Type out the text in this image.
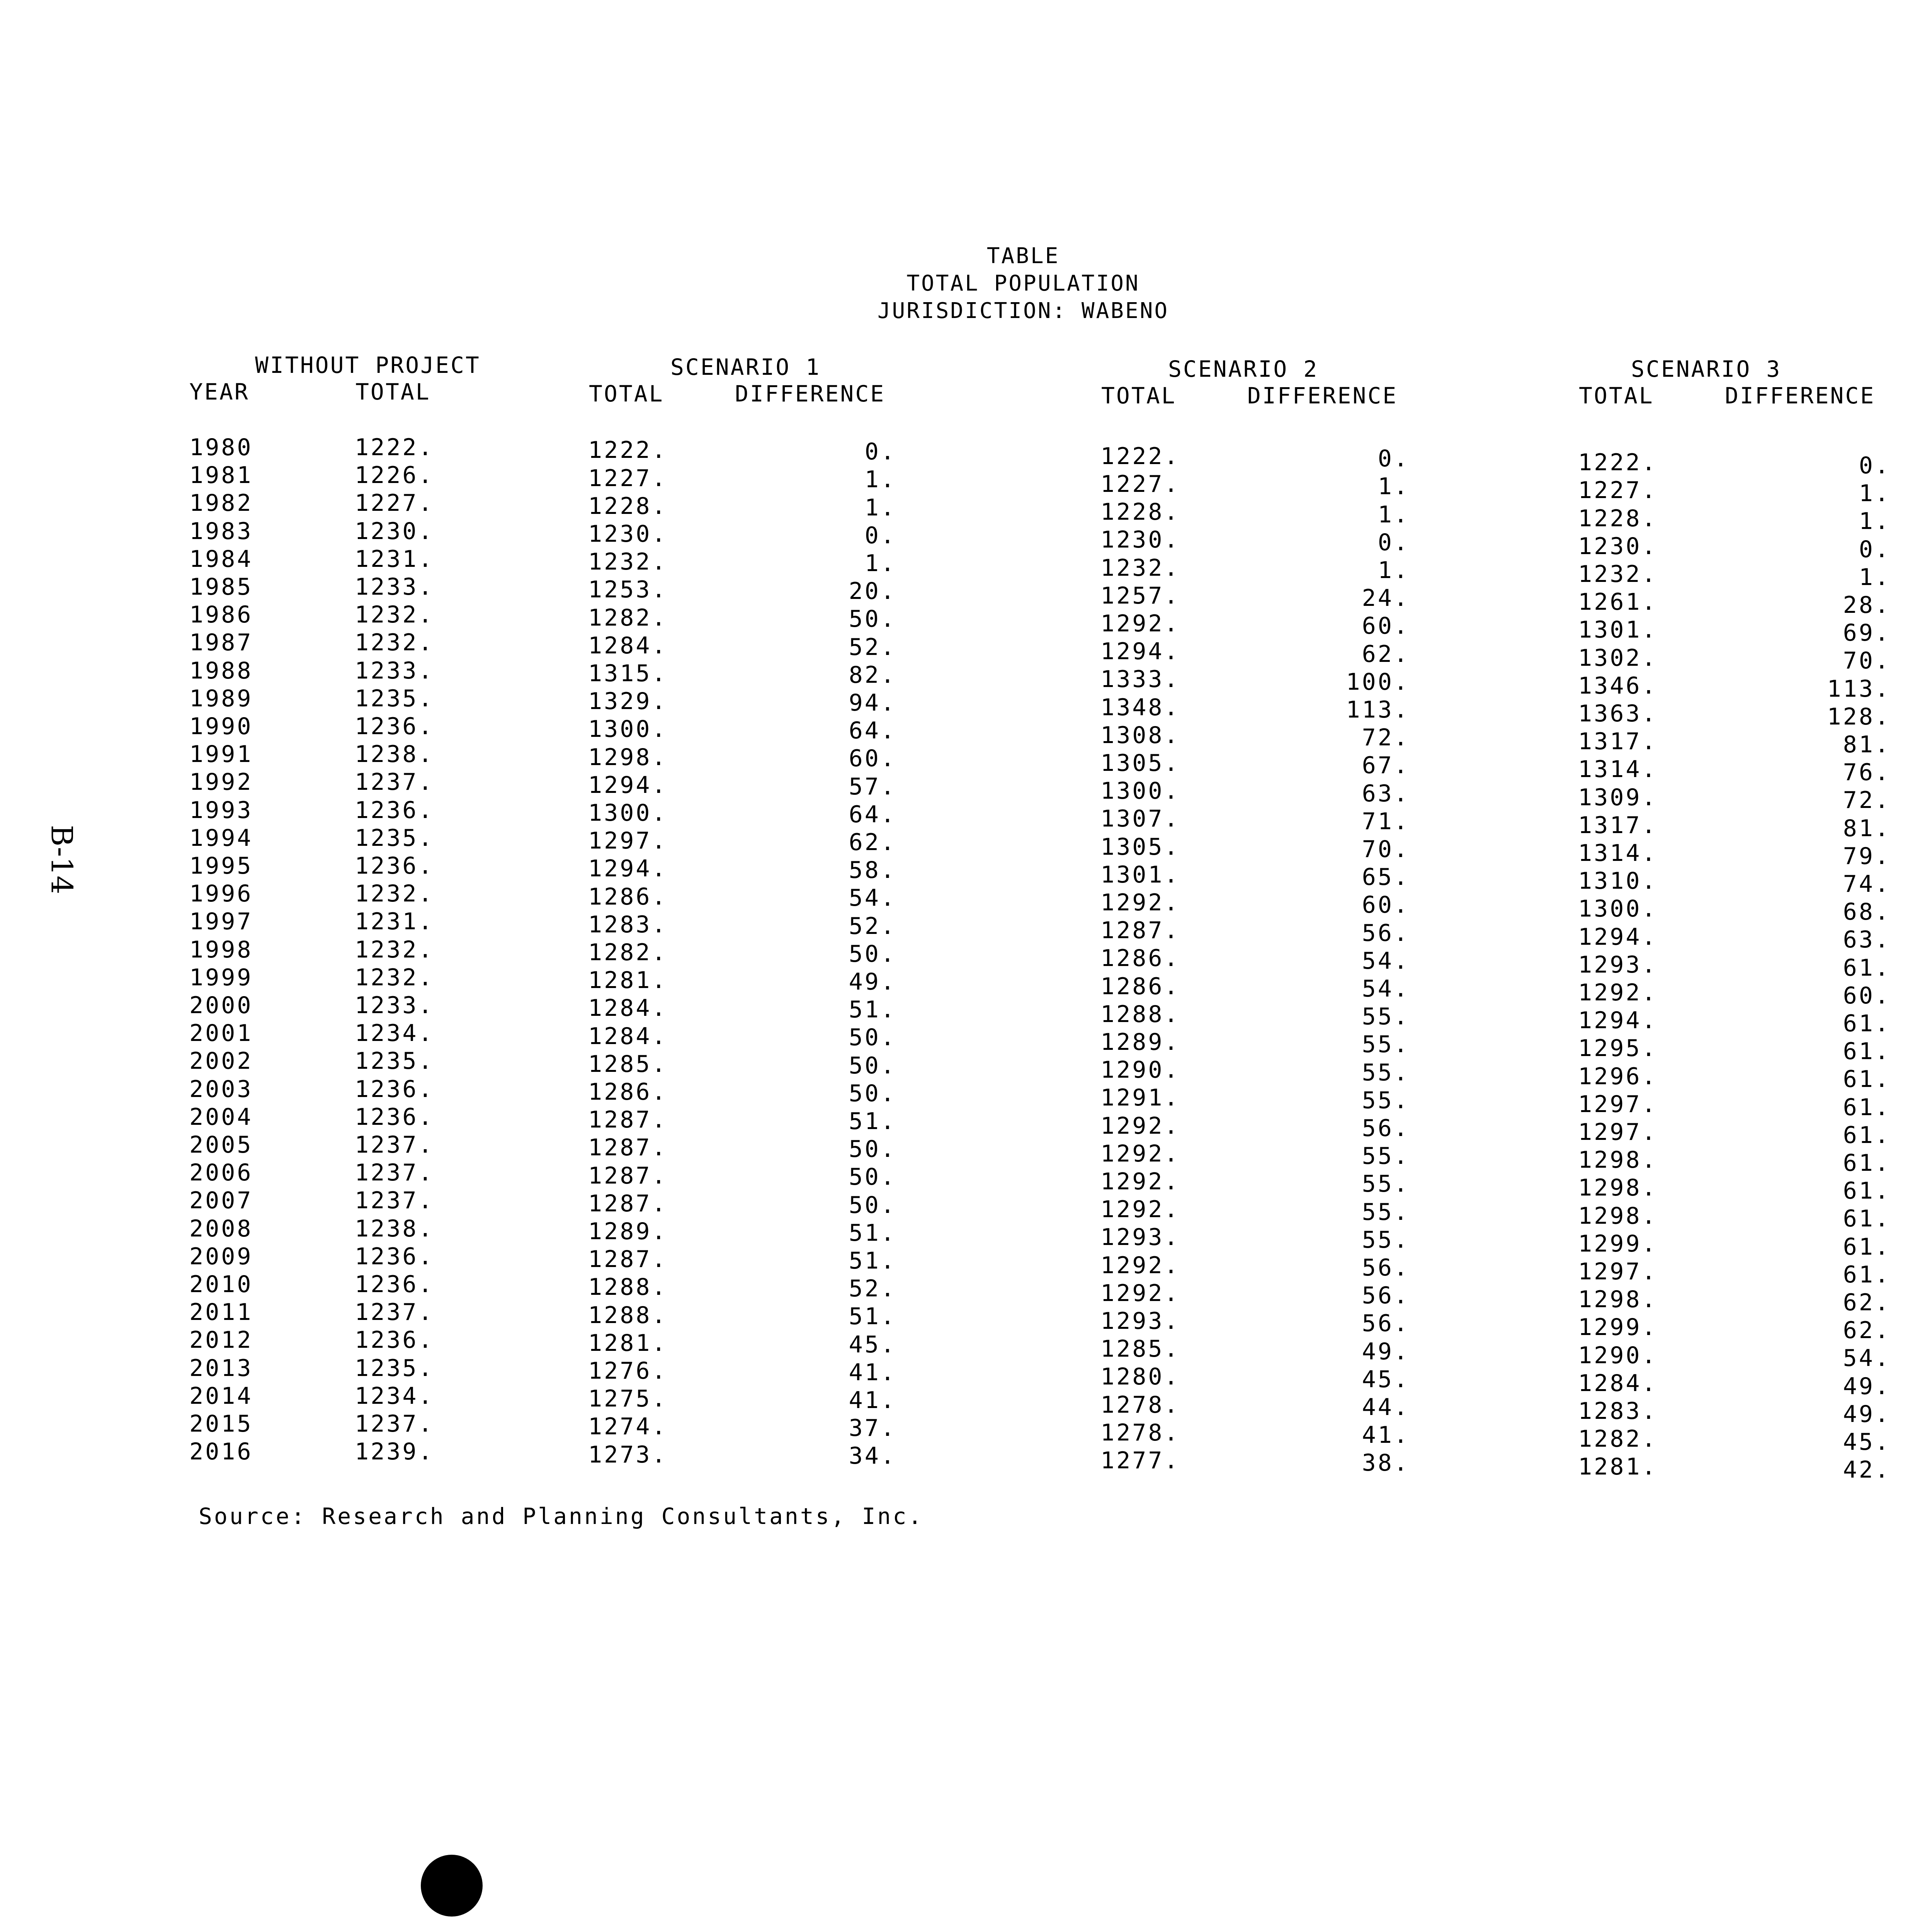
B-14
TABLE
TOTAL POPULATION
JURISDICTION: WABENO
WITHOUT PROJECT	SCENARIO 1	SCENARIO 2	SCENARIO 3
YEAR	TOTAL	TOTAL	DIFFERENCE	TOTAL	DIFFERENCE	TOTAL	DIFFERENCE
1980	1222.	1222.	0.	1222.	0.	1222.	0.
1981	1226.	1227.	1.	1227.	1.	1227.	1.
1982	1227.	1228.	1.	1228.	1.	1228.	1.
1983	1230.	1230.	0.	1230.	0.	1230.	0.
1984	1231.	1232.	1.	1232.	1.	1232.	1.
1985	1233.	1253.	20.	1257.	24.	1261.	28.
1986	1232.	1282.	50.	1292.	60.	1301.	69.
1987	1232.	1284.	52.	1294.	62.	1302.	70.
1988	1233.	1315.	82.	1333.	100.	1346.	113.
1989	1235.	1329.	94.	1348.	113.	1363.	128.
1990	1236.	1300.	64.	1308.	72.	1317.	81.
1991	1238.	1298.	60.	1305.	67.	1314.	76.
1992	1237.	1294.	57.	1300.	63.	1309.	72.
1993	1236.	1300.	64.	1307.	71.	1317.	81.
1994	1235.	1297.	62.	1305.	70.	1314.	79.
1995	1236.	1294.	58.	1301.	65.	1310.	74.
1996	1232.	1286.	54.	1292.	60.	1300.	68.
1997	1231.	1283.	52.	1287.	56.	1294.	63.
1998	1232.	1282.	50.	1286.	54.	1293.	61.
1999	1232.	1281.	49.	1286.	54.	1292.	60.
2000	1233.	1284.	51.	1288.	55.	1294.	61.
2001	1234.	1284.	50.	1289.	55.	1295.	61.
2002	1235.	1285.	50.	1290.	55.	1296.	61.
2003	1236.	1286.	50.	1291.	55.	1297.	61.
2004	1236.	1287.	51.	1292.	56.	1297.	61.
2005	1237.	1287.	50.	1292.	55.	1298.	61.
2006	1237.	1287.	50.	1292.	55.	1298.	61.
2007	1237.	1287.	50.	1292.	55.	1298.	61.
2008	1238.	1289.	51.	1293.	55.	1299.	61.
2009	1236.	1287.	51.	1292.	56.	1297.	61.
2010	1236.	1288.	52.	1292.	56.	1298.	62.
2011	1237.	1288.	51.	1293.	56.	1299.	62.
2012	1236.	1281.	45.	1285.	49.	1290.	54.
2013	1235.	1276.	41.	1280.	45.	1284.	49.
2014	1234.	1275.	41.	1278.	44.	1283.	49.
2015	1237.	1274.	37.	1278.	41.	1282.	45.
2016	1239.	1273.	34.	1277.	38.	1281.	42.
Source: Research and Planning Consultants, Inc.
